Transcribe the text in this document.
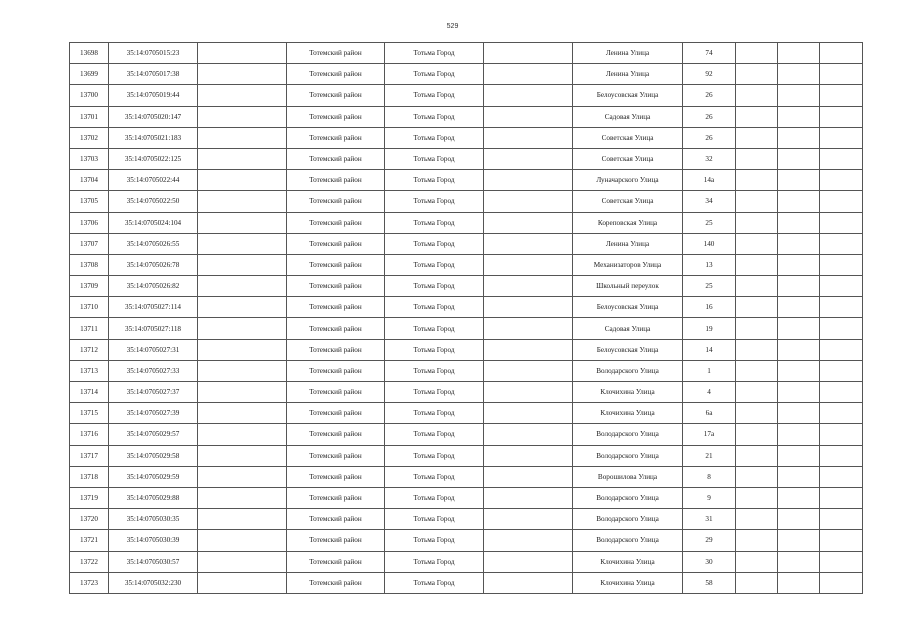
529
13698	35:14:0705015:23		Тотемский район	Тотьма Город		Ленина Улица	74			
13699	35:14:0705017:38		Тотемский район	Тотьма Город		Ленина Улица	92			
13700	35:14:0705019:44		Тотемский район	Тотьма Город		Белоусовская Улица	26			
13701	35:14:0705020:147		Тотемский район	Тотьма Город		Садовая Улица	26			
13702	35:14:0705021:183		Тотемский район	Тотьма Город		Советская Улица	26			
13703	35:14:0705022:125		Тотемский район	Тотьма Город		Советская Улица	32			
13704	35:14:0705022:44		Тотемский район	Тотьма Город		Луначарского Улица	14а			
13705	35:14:0705022:50		Тотемский район	Тотьма Город		Советская Улица	34			
13706	35:14:0705024:104		Тотемский район	Тотьма Город		Кореповская Улица	25			
13707	35:14:0705026:55		Тотемский район	Тотьма Город		Ленина Улица	140			
13708	35:14:0705026:78		Тотемский район	Тотьма Город		Механизаторов Улица	13			
13709	35:14:0705026:82		Тотемский район	Тотьма Город		Школьный переулок	25			
13710	35:14:0705027:114		Тотемский район	Тотьма Город		Белоусовская Улица	16			
13711	35:14:0705027:118		Тотемский район	Тотьма Город		Садовая Улица	19			
13712	35:14:0705027:31		Тотемский район	Тотьма Город		Белоусовская Улица	14			
13713	35:14:0705027:33		Тотемский район	Тотьма Город		Володарского Улица	1			
13714	35:14:0705027:37		Тотемский район	Тотьма Город		Клочихина Улица	4			
13715	35:14:0705027:39		Тотемский район	Тотьма Город		Клочихина Улица	6а			
13716	35:14:0705029:57		Тотемский район	Тотьма Город		Володарского Улица	17а			
13717	35:14:0705029:58		Тотемский район	Тотьма Город		Володарского Улица	21			
13718	35:14:0705029:59		Тотемский район	Тотьма Город		Ворошилова Улица	8			
13719	35:14:0705029:88		Тотемский район	Тотьма Город		Володарского Улица	9			
13720	35:14:0705030:35		Тотемский район	Тотьма Город		Володарского Улица	31			
13721	35:14:0705030:39		Тотемский район	Тотьма Город		Володарского Улица	29			
13722	35:14:0705030:57		Тотемский район	Тотьма Город		Клочихина Улица	30			
13723	35:14:0705032:230		Тотемский район	Тотьма Город		Клочихина Улица	58			
